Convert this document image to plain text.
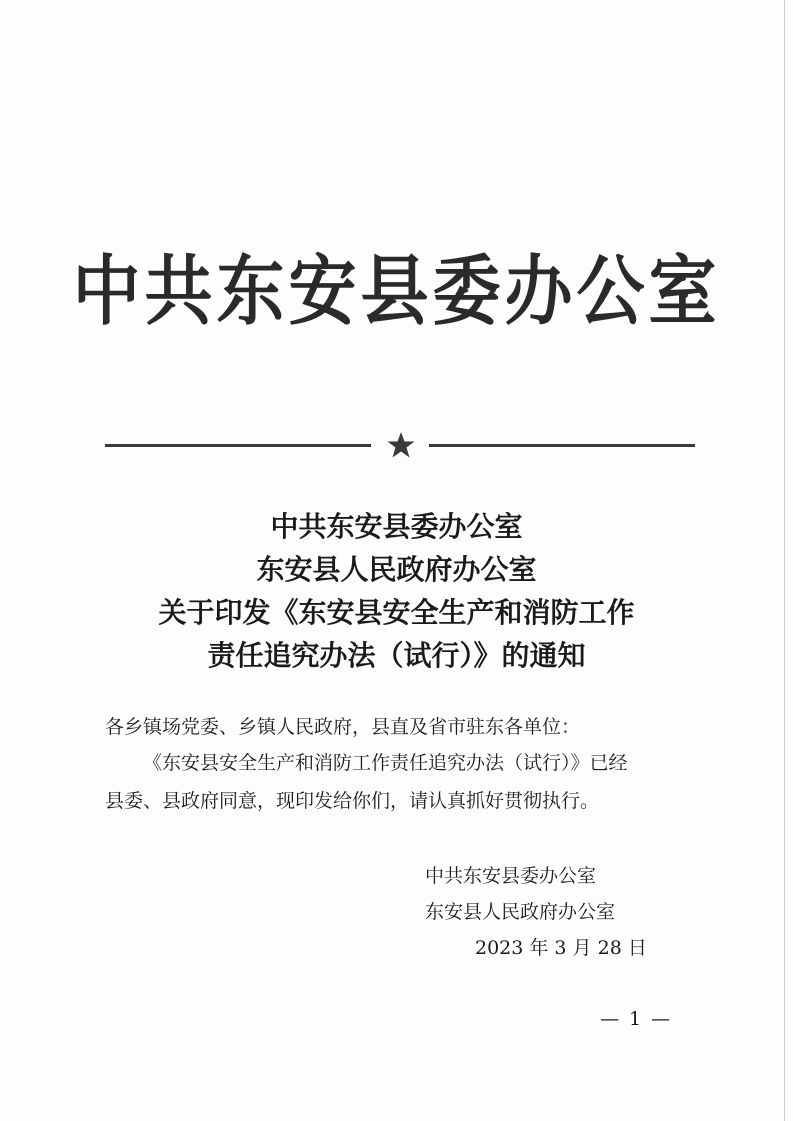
中共东安县委办公室
中共东安县委办公室
东安县人民政府办公室
关于印发《东安县安全生产和消防工作
责任追究办法（试行）》的通知
各乡镇场党委、乡镇人民政府，县直及省市驻东各单位：
《东安县安全生产和消防工作责任追究办法（试行）》已经
县委、县政府同意，现印发给你们，请认真抓好贯彻执行。
中共东安县委办公室
东安县人民政府办公室
2023 年 3 月 28 日
— 1 —
